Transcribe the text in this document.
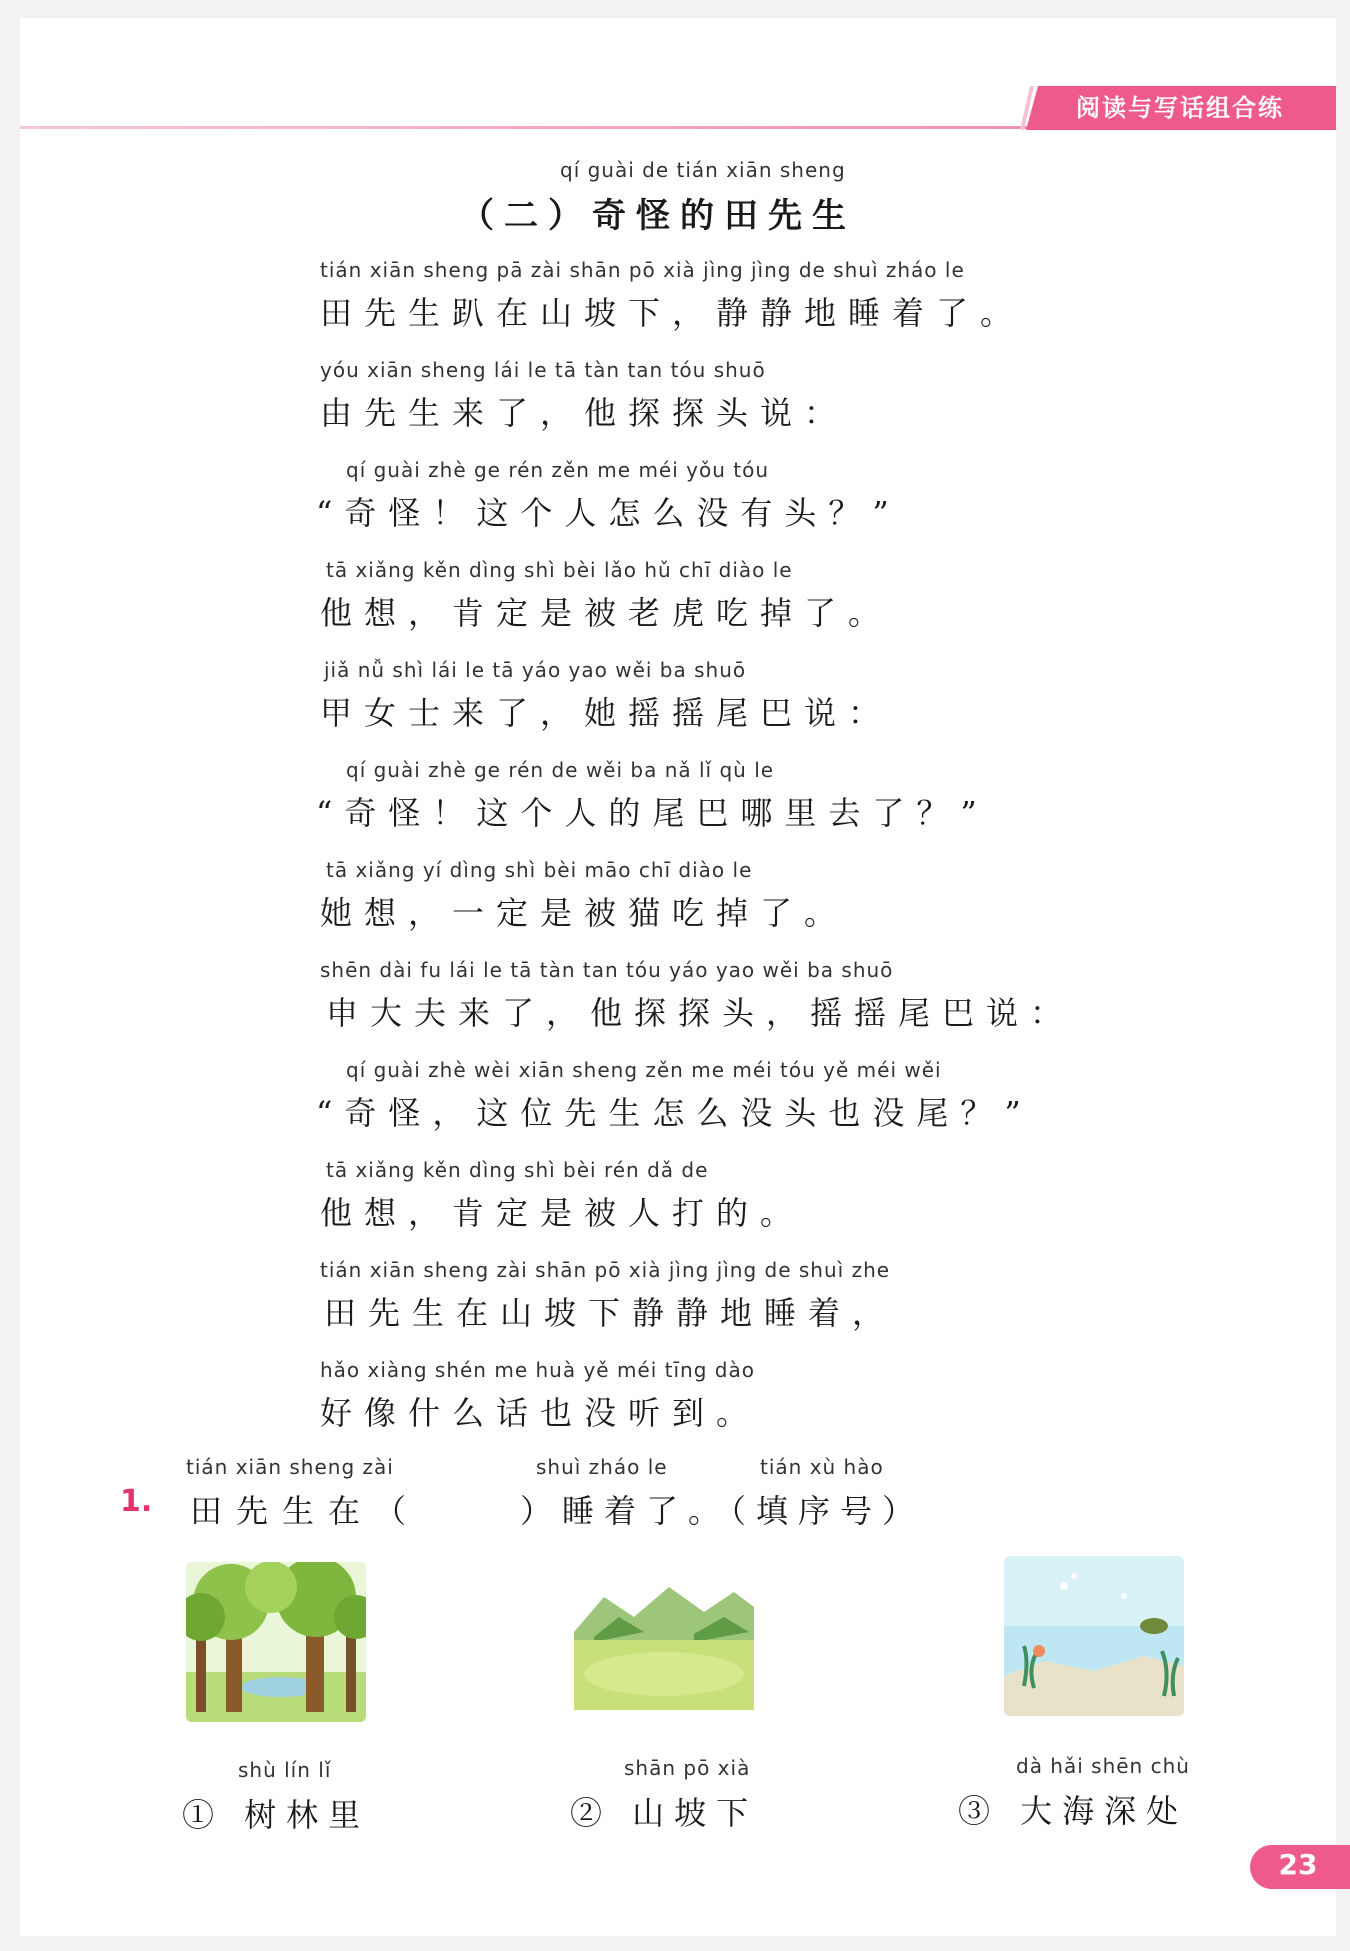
阅读与写话组合练
qí guài de tián xiān sheng
（二）奇怪的田先生
tián xiān sheng pā zài shān pō xià jìng jìng de shuì zháo le
田先生趴在山坡下，静静地睡着了。
yóu xiān sheng lái le tā tàn tan tóu shuō
由先生来了，他探探头说：
qí guài zhè ge rén zěn me méi yǒu tóu
“奇怪！这个人怎么没有头？”
tā xiǎng kěn dìng shì bèi lǎo hǔ chī diào le
他想，肯定是被老虎吃掉了。
jiǎ nǚ shì lái le tā yáo yao wěi ba shuō
甲女士来了，她摇摇尾巴说：
qí guài zhè ge rén de wěi ba nǎ lǐ qù le
“奇怪！这个人的尾巴哪里去了？”
tā xiǎng yí dìng shì bèi māo chī diào le
她想，一定是被猫吃掉了。
shēn dài fu lái le tā tàn tan tóu yáo yao wěi ba shuō
申大夫来了，他探探头，摇摇尾巴说：
qí guài zhè wèi xiān sheng zěn me méi tóu yě méi wěi
“奇怪，这位先生怎么没头也没尾？”
tā xiǎng kěn dìng shì bèi rén dǎ de
他想，肯定是被人打的。
tián xiān sheng zài shān pō xià jìng jìng de shuì zhe
田先生在山坡下静静地睡着，
hǎo xiàng shén me huà yě méi tīng dào
好像什么话也没听到。
tián xiān sheng zài	shuì zháo le	tián xù hào
1. 田先生在（	）睡着了。（填序号）
shù lín lǐ
① 树林里
shān pō xià
② 山坡下
dà hǎi shēn chù
③ 大海深处
23
